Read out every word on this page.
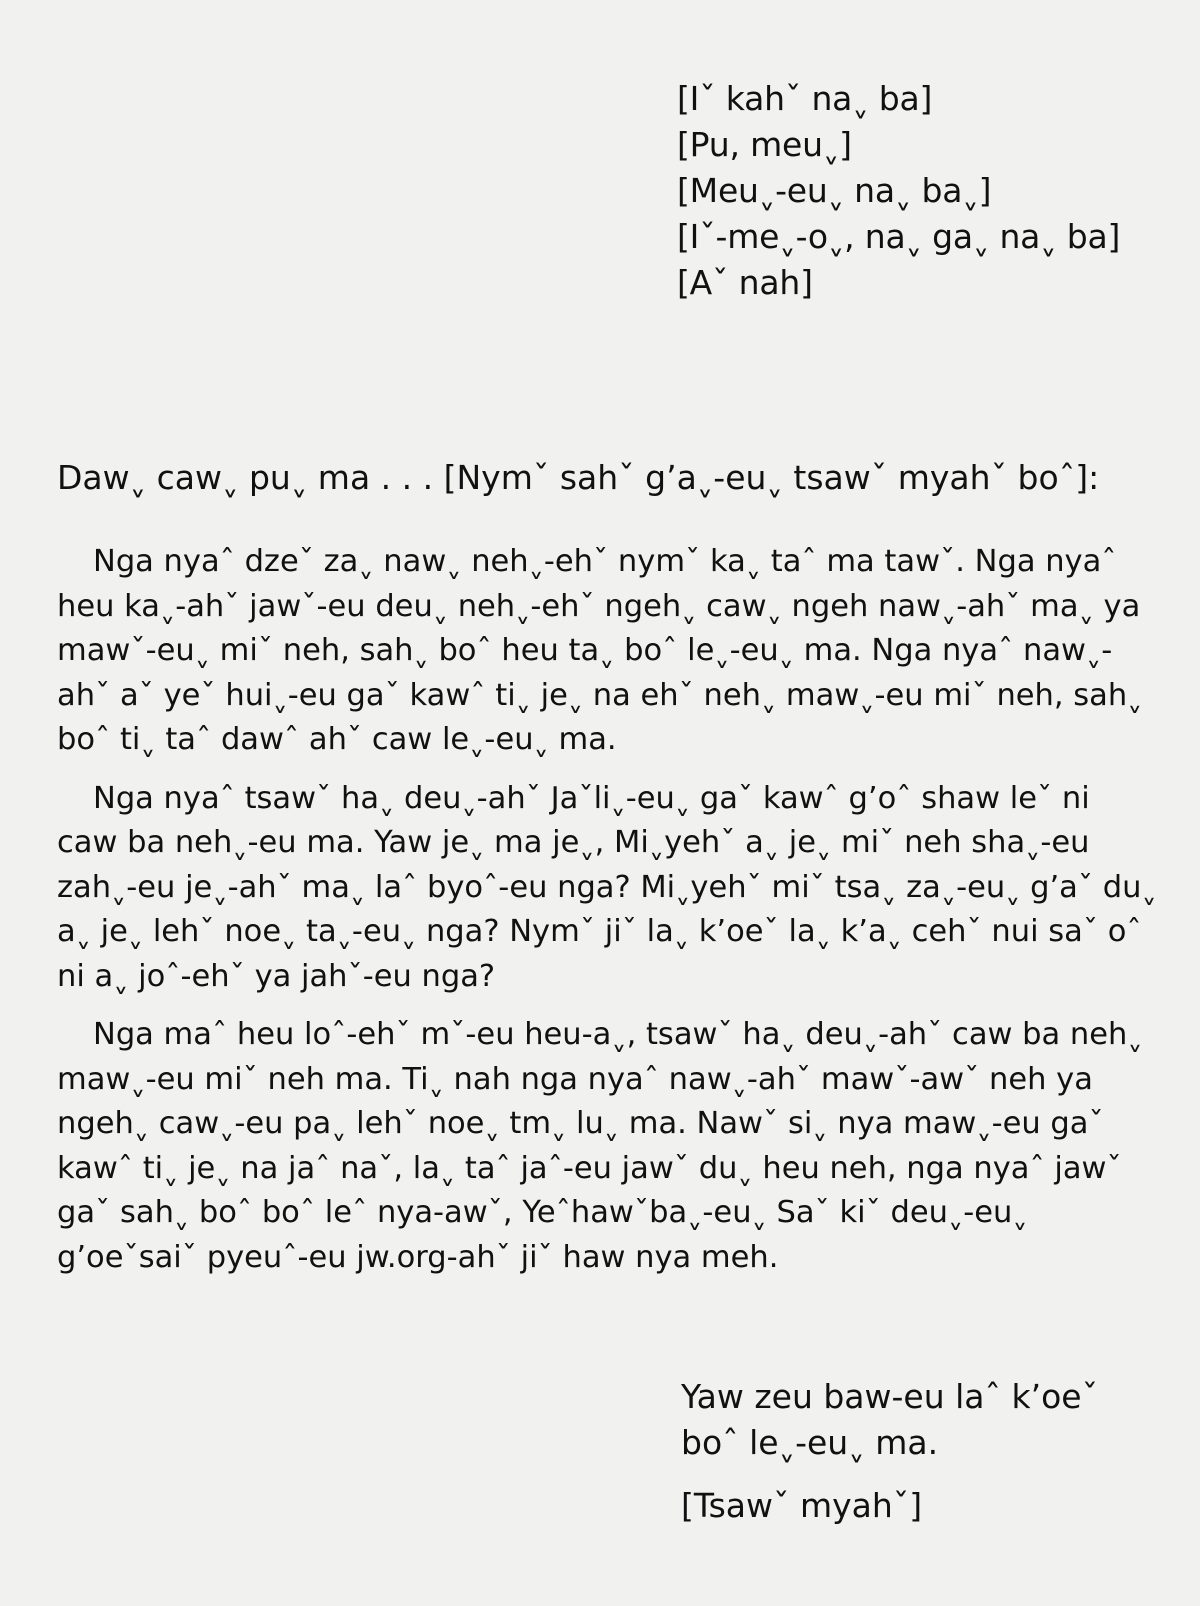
[Iˇ kahˇ naˬ ba]
[Pu, meuˬ]
[Meuˬ-euˬ naˬ baˬ]
[Iˇ-meˬ-oˬ, naˬ gaˬ naˬ ba]
[Aˇ nah]
Dawˬ cawˬ puˬ ma . . . [Nymˇ sahˇ g’aˬ-euˬ tsawˇ myahˇ boˆ]:

Nga nyaˆ dzeˇ zaˬ nawˬ nehˬ-ehˇ nymˇ kaˬ taˆ ma tawˇ. Nga nyaˆ heu kaˬ-ahˇ jawˇ-eu deuˬ nehˬ-ehˇ ngehˬ cawˬ ngeh nawˬ-ahˇ maˬ ya mawˇ-euˬ miˇ neh, sahˬ boˆ heu taˬ boˆ leˬ-euˬ ma. Nga nyaˆ nawˬ-ahˇ aˇ yeˇ huiˬ-eu gaˇ kawˆ tiˬ jeˬ na ehˇ nehˬ mawˬ-eu miˇ neh, sahˬ boˆ tiˬ taˆ dawˆ ahˇ caw leˬ-euˬ ma.

Nga nyaˆ tsawˇ haˬ deuˬ-ahˇ Jaˇliˬ-euˬ gaˇ kawˆ g’oˆ shaw leˇ ni caw ba nehˬ-eu ma. Yaw jeˬ ma jeˬ, Miˬyehˇ aˬ jeˬ miˇ neh shaˬ-eu zahˬ-eu jeˬ-ahˇ maˬ laˆ byoˆ-eu nga? Miˬyehˇ miˇ tsaˬ zaˬ-euˬ g’aˇ duˬ aˬ jeˬ lehˇ noeˬ taˬ-euˬ nga? Nymˇ jiˇ laˬ k’oeˇ laˬ k’aˬ cehˇ nui saˇ oˆ ni aˬ joˆ-ehˇ ya jahˇ-eu nga?

Nga maˆ heu loˆ-ehˇ mˇ-eu heu-aˬ, tsawˇ haˬ deuˬ-ahˇ caw ba nehˬ mawˬ-eu miˇ neh ma. Tiˬ nah nga nyaˆ nawˬ-ahˇ mawˇ-awˇ neh ya ngehˬ cawˬ-eu paˬ lehˇ noeˬ tmˬ luˬ ma. Nawˇ siˬ nya mawˬ-eu gaˇ kawˆ tiˬ jeˬ na jaˆ naˇ, laˬ taˆ jaˆ-eu jawˇ duˬ heu neh, nga nyaˆ jawˇ gaˇ sahˬ boˆ boˆ leˆ nya-awˇ, Yeˆhawˇbaˬ-euˬ Saˇ kiˇ deuˬ-euˬ g’oeˇsaiˇ pyeuˆ-eu jw.org-ahˇ jiˇ haw nya meh.

Yaw zeu baw-eu laˆ k’oeˇ
boˆ leˬ-euˬ ma.
[Tsawˇ myahˇ]
